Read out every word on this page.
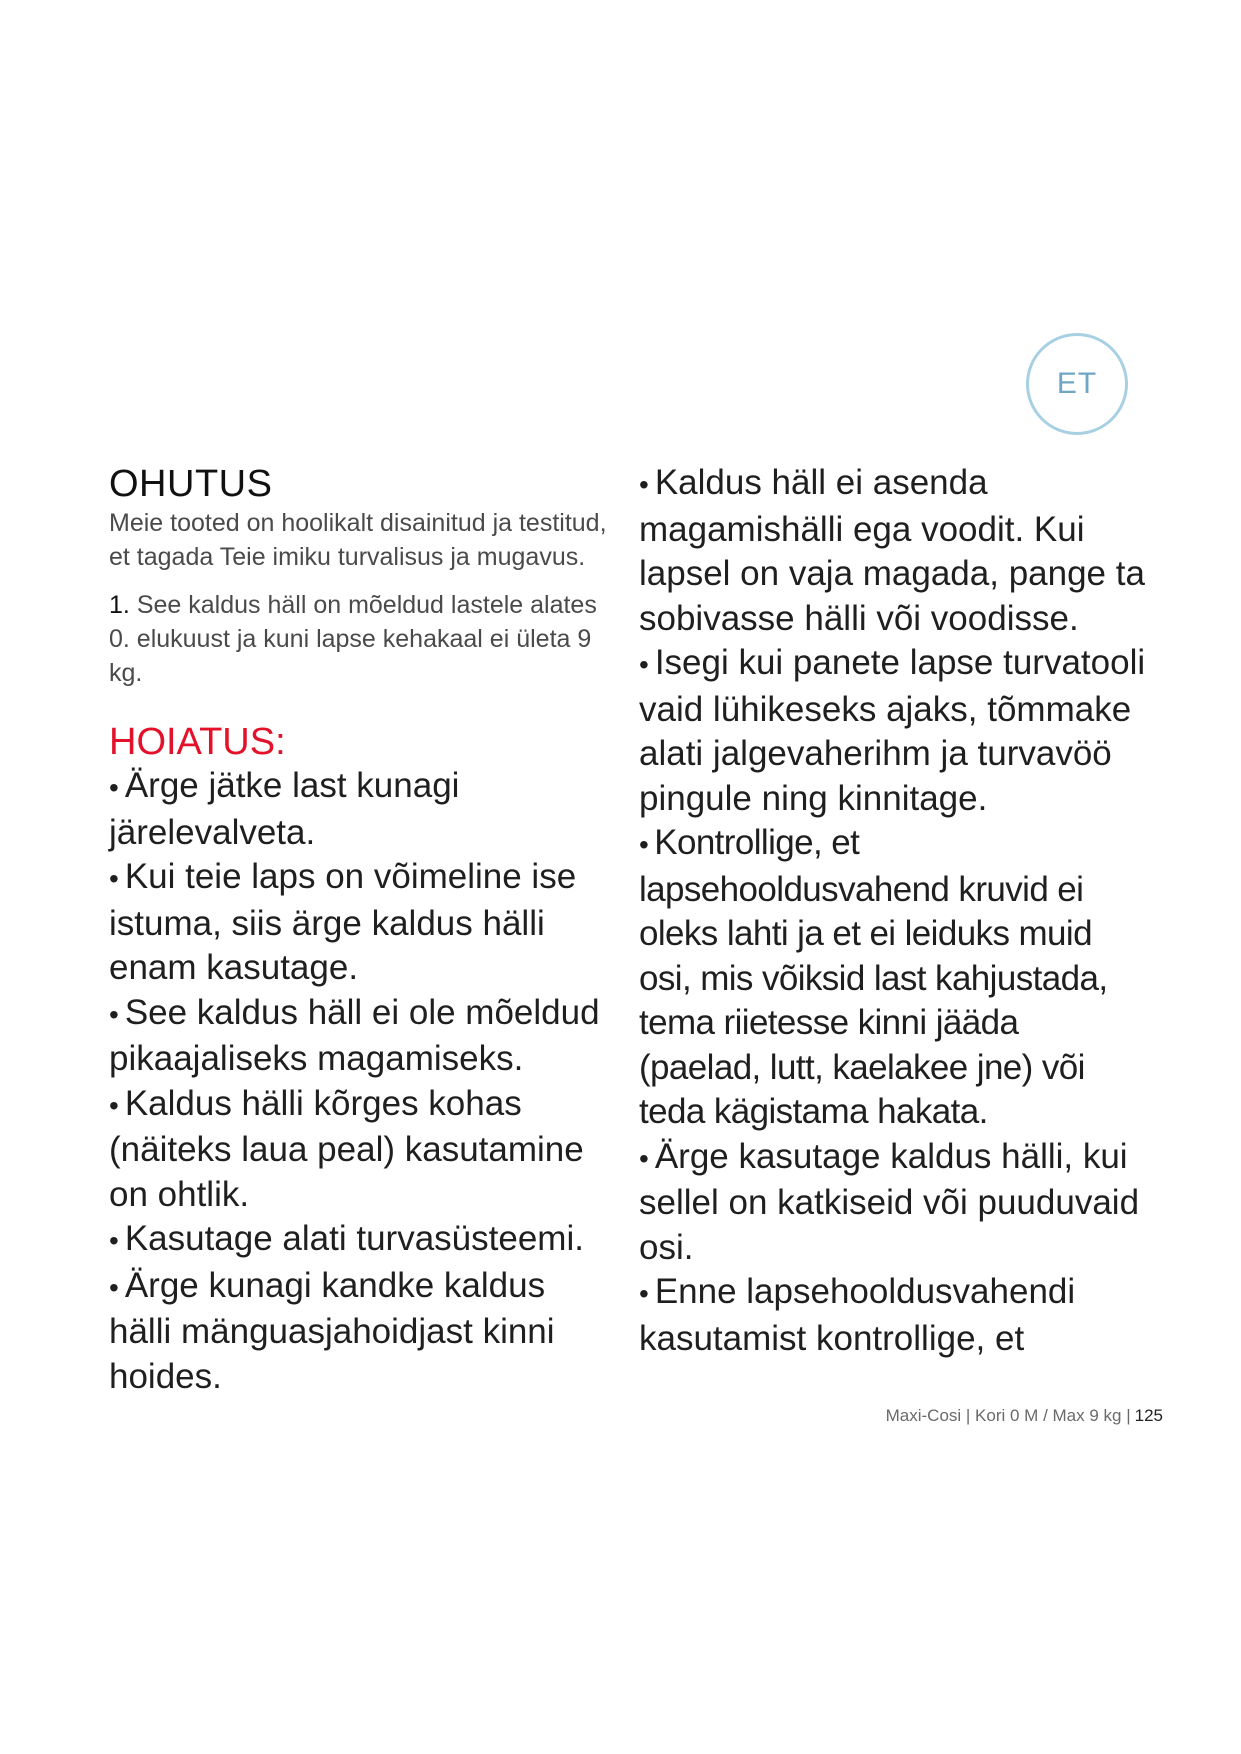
ET
OHUTUS

Meie tooted on hoolikalt disainitud ja testitud, et tagada Teie imiku turvalisus ja mugavus.

1. See kaldus häll on mõeldud lastele alates 0. elukuust ja kuni lapse kehakaal ei ületa 9 kg.

HOIATUS:
• Ärge jätke last kunagi järelevalveta.
• Kui teie laps on võimeline ise istuma, siis ärge kaldus hälli enam kasutage.
• See kaldus häll ei ole mõeldud pikaajaliseks magamiseks.
• Kaldus hälli kõrges kohas (näiteks laua peal) kasutamine on ohtlik.
• Kasutage alati turvasüsteemi.
• Ärge kunagi kandke kaldus hälli mänguasjahoidjast kinni hoides.
• Kaldus häll ei asenda magamishälli ega voodit. Kui lapsel on vaja magada, pange ta sobivasse hälli või voodisse.
• Isegi kui panete lapse turvatooli vaid lühikeseks ajaks, tõmmake alati jalgevaherihm ja turvavöö pingule ning kinnitage.
• Kontrollige, et lapsehooldusvahend kruvid ei oleks lahti ja et ei leiduks muid osi, mis võiksid last kahjustada, tema riietesse kinni jääda (paelad, lutt, kaelakee jne) või teda kägistama hakata.
• Ärge kasutage kaldus hälli, kui sellel on katkiseid või puuduvaid osi.
• Enne lapsehooldusvahendi kasutamist kontrollige, et
Maxi-Cosi | Kori 0 M / Max 9 kg | 125
